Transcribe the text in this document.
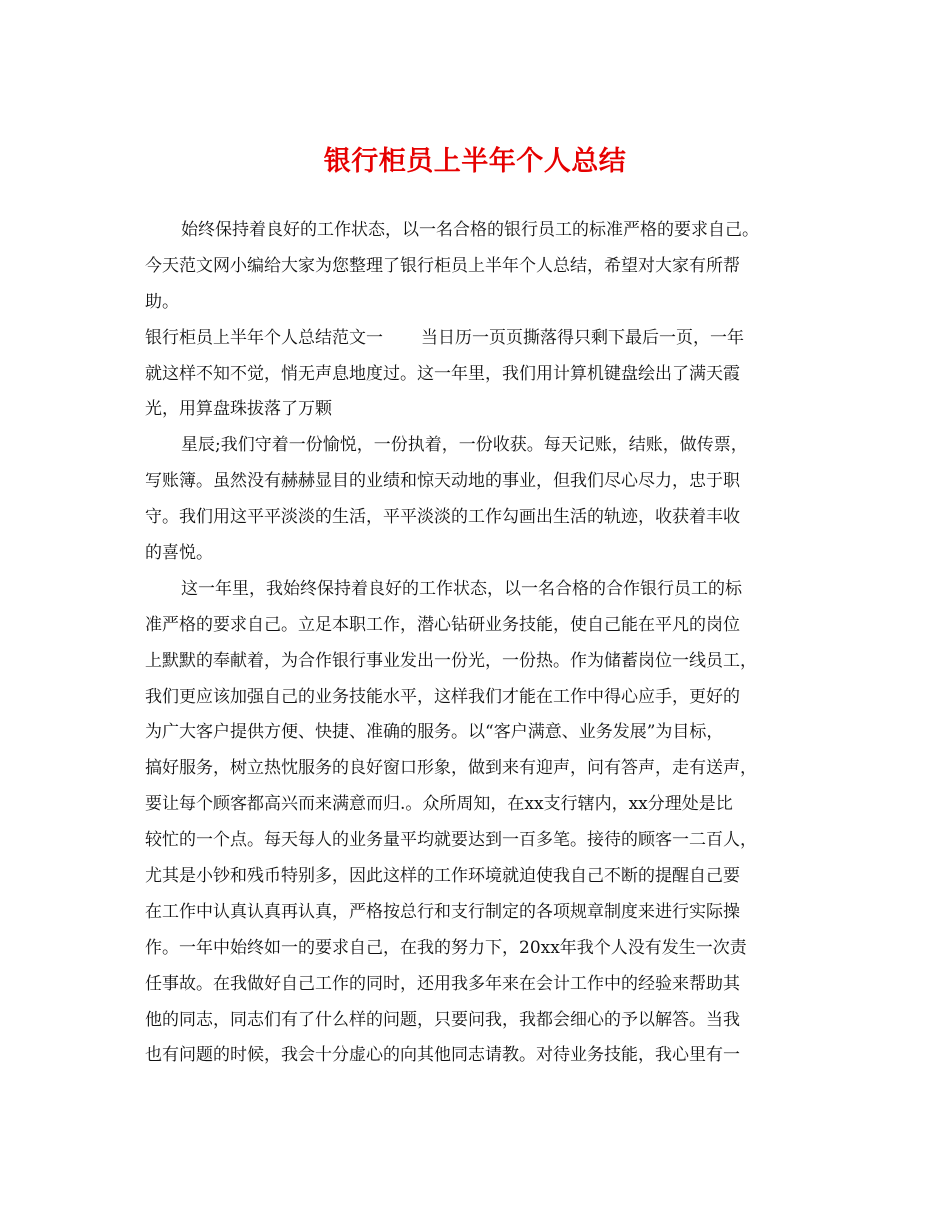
银行柜员上半年个人总结
始终保持着良好的工作状态，以一名合格的银行员工的标准严格的要求自己。
今天范文网小编给大家为您整理了银行柜员上半年个人总结，希望对大家有所帮
助。
银行柜员上半年个人总结范文一 当日历一页页撕落得只剩下最后一页，一年
就这样不知不觉，悄无声息地度过。这一年里，我们用计算机键盘绘出了满天霞
光，用算盘珠拔落了万颗
星辰;我们守着一份愉悦，一份执着，一份收获。每天记账，结账，做传票，
写账簿。虽然没有赫赫显目的业绩和惊天动地的事业，但我们尽心尽力，忠于职
守。我们用这平平淡淡的生活，平平淡淡的工作勾画出生活的轨迹，收获着丰收
的喜悦。
这一年里，我始终保持着良好的工作状态，以一名合格的合作银行员工的标
准严格的要求自己。立足本职工作，潜心钻研业务技能，使自己能在平凡的岗位
上默默的奉献着，为合作银行事业发出一份光，一份热。作为储蓄岗位一线员工，
我们更应该加强自己的业务技能水平，这样我们才能在工作中得心应手，更好的
为广大客户提供方便、快捷、准确的服务。以“客户满意、业务发展”为目标，
搞好服务，树立热忱服务的良好窗口形象，做到来有迎声，问有答声，走有送声，
要让每个顾客都高兴而来满意而归.。众所周知，在xx支行辖内，xx分理处是比
较忙的一个点。每天每人的业务量平均就要达到一百多笔。接待的顾客一二百人，
尤其是小钞和残币特别多，因此这样的工作环境就迫使我自己不断的提醒自己要
在工作中认真认真再认真，严格按总行和支行制定的各项规章制度来进行实际操
作。一年中始终如一的要求自己，在我的努力下，20xx年我个人没有发生一次责
任事故。在我做好自己工作的同时，还用我多年来在会计工作中的经验来帮助其
他的同志，同志们有了什么样的问题，只要问我，我都会细心的予以解答。当我
也有问题的时候，我会十分虚心的向其他同志请教。对待业务技能，我心里有一
